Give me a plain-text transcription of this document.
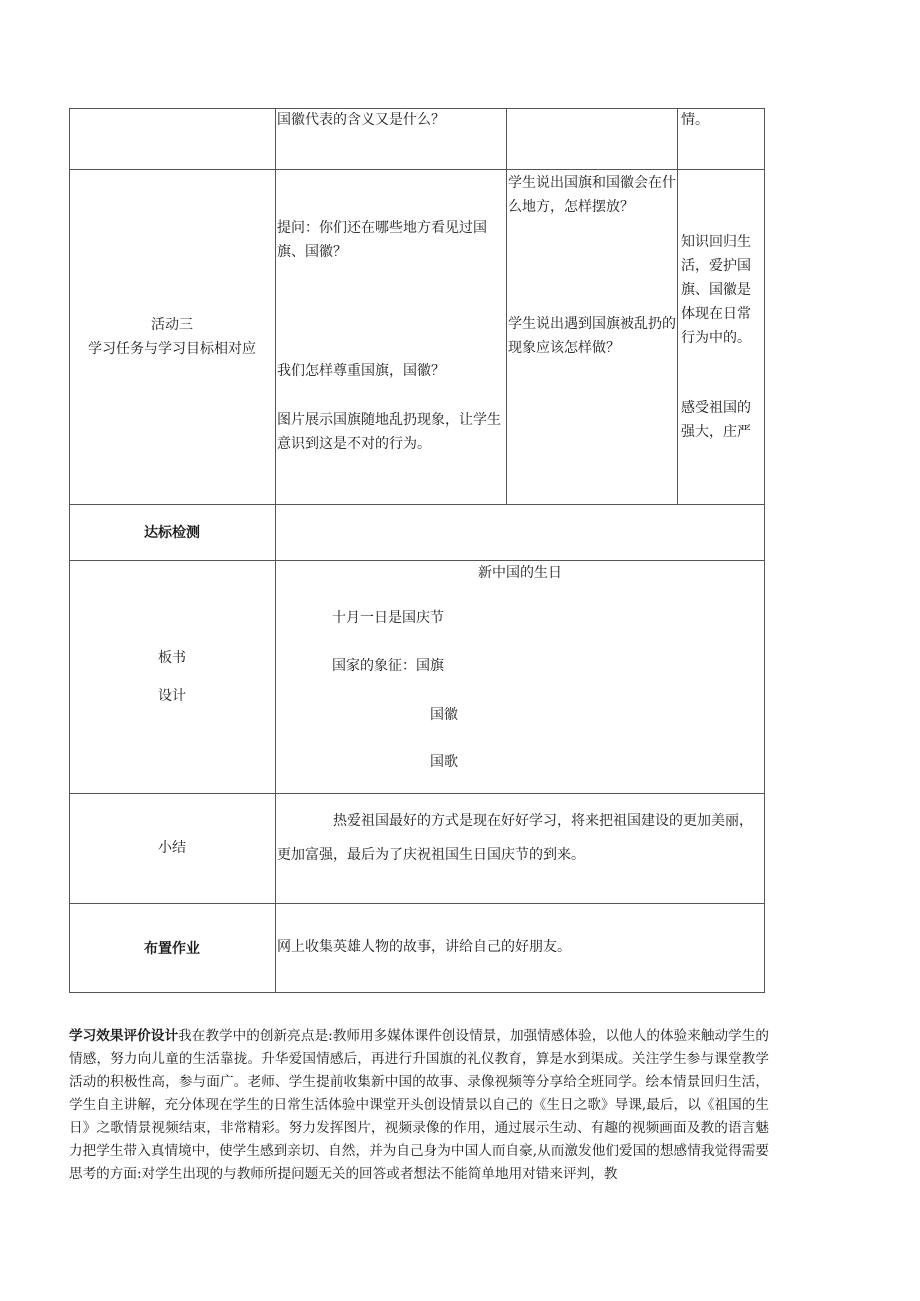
国徽代表的含义又是什么？	情。
活动三
学习任务与学习目标相对应
提问：你们还在哪些地方看见过国旗、国徽？
我们怎样尊重国旗，国徽？
图片展示国旗随地乱扔现象，让学生意识到这是不对的行为。
学生说出国旗和国徽会在什么地方，怎样摆放？
学生说出遇到国旗被乱扔的现象应该怎样做？
知识回归生活，爱护国旗、国徽是体现在日常行为中的。
感受祖国的强大，庄严
达标检测
板书
设计
新中国的生日
十月一日是国庆节
国家的象征：国旗
国徽
国歌
小结
热爱祖国最好的方式是现在好好学习，将来把祖国建设的更加美丽，更加富强，最后为了庆祝祖国生日国庆节的到来。
布置作业	网上收集英雄人物的故事，讲给自己的好朋友。
学习效果评价设计我在教学中的创新亮点是:教师用多媒体课件创设情景，加强情感体验，以他人的体验来触动学生的情感，努力向儿童的生活靠拢。升华爱国情感后，再进行升国旗的礼仪教育，算是水到渠成。关注学生参与课堂教学活动的积极性高，参与面广。老师、学生提前收集新中国的故事、录像视频等分享给全班同学。绘本情景回归生活，学生自主讲解，充分体现在学生的日常生活体验中课堂开头创设情景以自己的《生日之歌》导课,最后，以《祖国的生日》之歌情景视频结束，非常精彩。努力发挥图片，视频录像的作用，通过展示生动、有趣的视频画面及教的语言魅力把学生带入真情境中，使学生感到亲切、自然，并为自己身为中国人而自豪,从而激发他们爱国的想感情我觉得需要思考的方面:对学生出现的与教师所提问题无关的回答或者想法不能简单地用对错来评判，教
